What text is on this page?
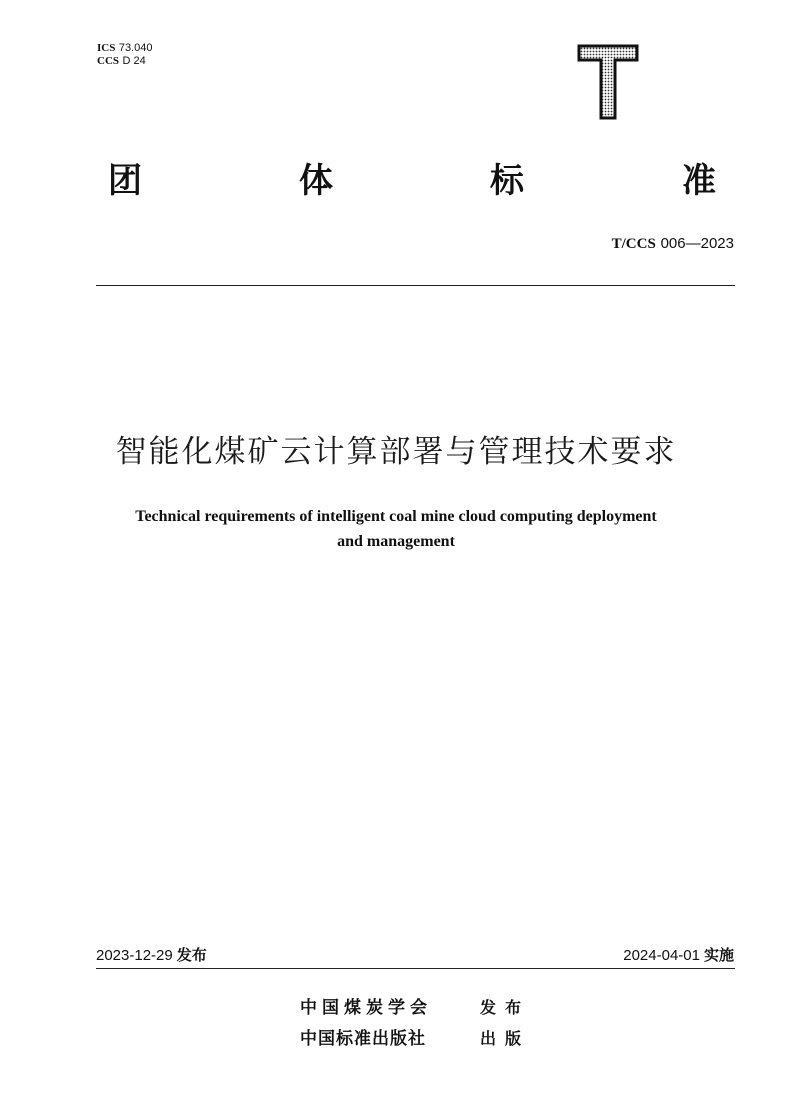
ICS 73.040
CCS D 24
团	体	标	准
T/CCS 006—2023
智能化煤矿云计算部署与管理技术要求
Technical requirements of intelligent coal mine cloud computing deployment
and management
2023-12-29 发布	2024-04-01 实施
中国煤炭学会	发布
中国标准出版社	出版
